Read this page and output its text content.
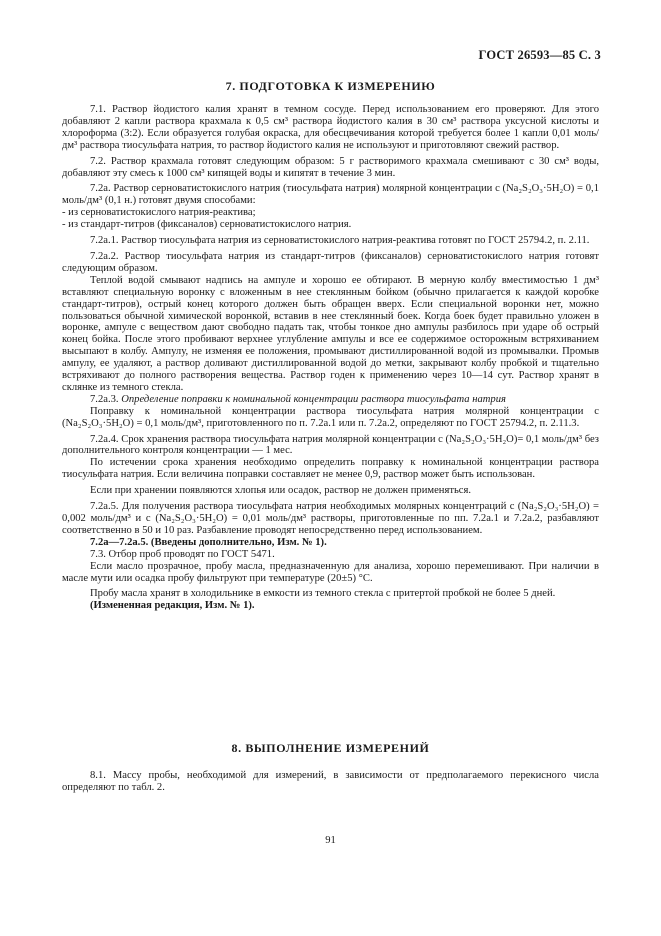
ГОСТ 26593—85 С. 3
7. ПОДГОТОВКА К ИЗМЕРЕНИЮ

7.1. Раствор йодистого калия хранят в темном сосуде. Перед использованием его проверяют. Для этого добавляют 2 капли раствора крахмала к 0,5 см³ раствора йодистого калия в 30 см³ раствора уксусной кислоты и хлороформа (3:2). Если образуется голубая окраска, для обесцвечивания которой требуется более 1 капли 0,01 моль/дм³ раствора тиосульфата натрия, то раствор йодистого калия не используют и приготовляют свежий раствор.

7.2. Раствор крахмала готовят следующим образом: 5 г растворимого крахмала смешивают с 30 см³ воды, добавляют эту смесь к 1000 см³ кипящей воды и кипятят в течение 3 мин.

7.2а. Раствор серноватистокислого натрия (тиосульфата натрия) молярной концентрации c (Na₂S₂O₃·5H₂O) = 0,1 моль/дм³ (0,1 н.) готовят двумя способами:

- из серноватистокислого натрия-реактива;

- из стандарт-титров (фиксаналов) серноватистокислого натрия.

7.2а.1. Раствор тиосульфата натрия из серноватистокислого натрия-реактива готовят по ГОСТ 25794.2, п. 2.11.

7.2а.2. Раствор тиосульфата натрия из стандарт-титров (фиксаналов) серноватистокислого натрия готовят следующим образом.

Теплой водой смывают надпись на ампуле и хорошо ее обтирают. В мерную колбу вместимостью 1 дм³ вставляют специальную воронку с вложенным в нее стеклянным бойком (обычно прилагается к каждой коробке стандарт-титров), острый конец которого должен быть обращен вверх. Если специальной воронки нет, можно пользоваться обычной химической воронкой, вставив в нее стеклянный боек. Когда боек будет правильно уложен в воронке, ампуле с веществом дают свободно падать так, чтобы тонкое дно ампулы разбилось при ударе об острый конец бойка. После этого пробивают верхнее углубление ампулы и все ее содержимое осторожным встряхиванием высыпают в колбу. Ампулу, не изменяя ее положения, промывают дистиллированной водой из промывалки. Промыв ампулу, ее удаляют, а раствор доливают дистиллированной водой до метки, закрывают колбу пробкой и тщательно встряхивают до полного растворения вещества. Раствор годен к применению через 10—14 сут. Раствор хранят в склянке из темного стекла.

7.2а.3. Определение поправки к номинальной концентрации раствора тиосульфата натрия

Поправку к номинальной концентрации раствора тиосульфата натрия молярной концентрации c (Na₂S₂O₃·5H₂O) = 0,1 моль/дм³, приготовленного по п. 7.2а.1 или п. 7.2а.2, определяют по ГОСТ 25794.2, п. 2.11.3.

7.2а.4. Срок хранения раствора тиосульфата натрия молярной концентрации c (Na₂S₂O₃·5H₂O)= 0,1 моль/дм³ без дополнительного контроля концентрации — 1 мес.

По истечении срока хранения необходимо определить поправку к номинальной концентрации раствора тиосульфата натрия. Если величина поправки составляет не менее 0,9, раствор может быть использован.

Если при хранении появляются хлопья или осадок, раствор не должен применяться.

7.2а.5. Для получения раствора тиосульфата натрия необходимых молярных концентраций c (Na₂S₂O₃·5H₂O) = 0,002 моль/дм³ и c (Na₂S₂O₃·5H₂O) = 0,01 моль/дм³ растворы, приготовленные по пп. 7.2а.1 и 7.2а.2, разбавляют соответственно в 50 и 10 раз. Разбавление проводят непосредственно перед использованием.

7.2а—7.2а.5. (Введены дополнительно, Изм. № 1).

7.3. Отбор проб проводят по ГОСТ 5471.

Если масло прозрачное, пробу масла, предназначенную для анализа, хорошо перемешивают. При наличии в масле мути или осадка пробу фильтруют при температуре (20±5) °С.

Пробу масла хранят в холодильнике в емкости из темного стекла с притертой пробкой не более 5 дней.

(Измененная редакция, Изм. № 1).

8. ВЫПОЛНЕНИЕ ИЗМЕРЕНИЙ

8.1. Массу пробы, необходимой для измерений, в зависимости от предполагаемого перекисного числа определяют по табл. 2.

91
